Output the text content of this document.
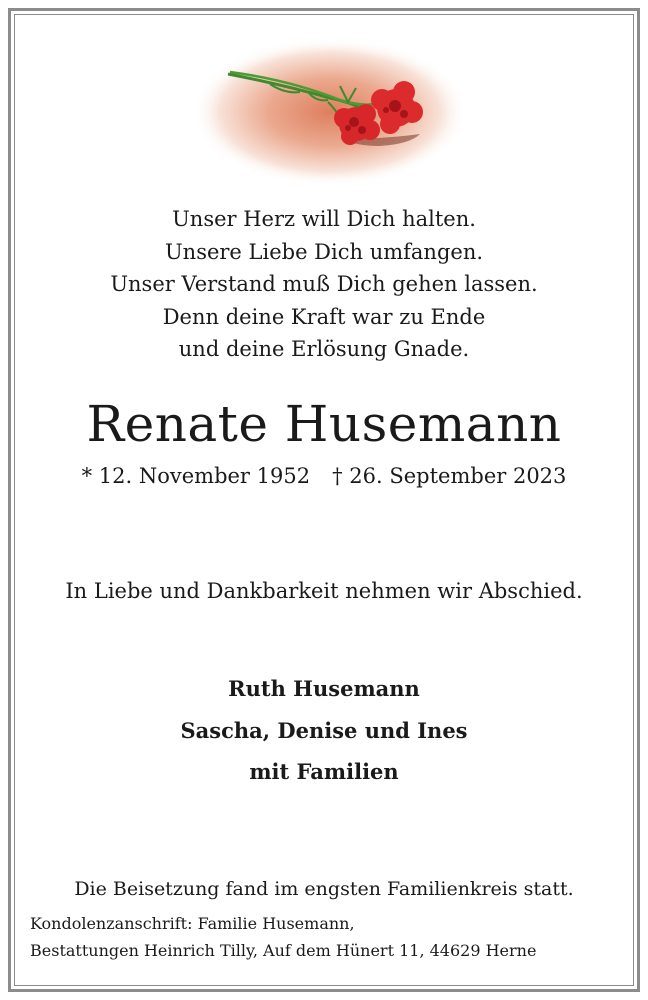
Unser Herz will Dich halten.
Unsere Liebe Dich umfangen.
Unser Verstand muß Dich gehen lassen.
Denn deine Kraft war zu Ende
und deine Erlösung Gnade.
Renate Husemann
* 12. November 1952 † 26. September 2023
In Liebe und Dankbarkeit nehmen wir Abschied.
Ruth Husemann
Sascha, Denise und Ines
mit Familien
Die Beisetzung fand im engsten Familienkreis statt.
Kondolenzanschrift: Familie Husemann,
Bestattungen Heinrich Tilly, Auf dem Hünert 11, 44629 Herne
